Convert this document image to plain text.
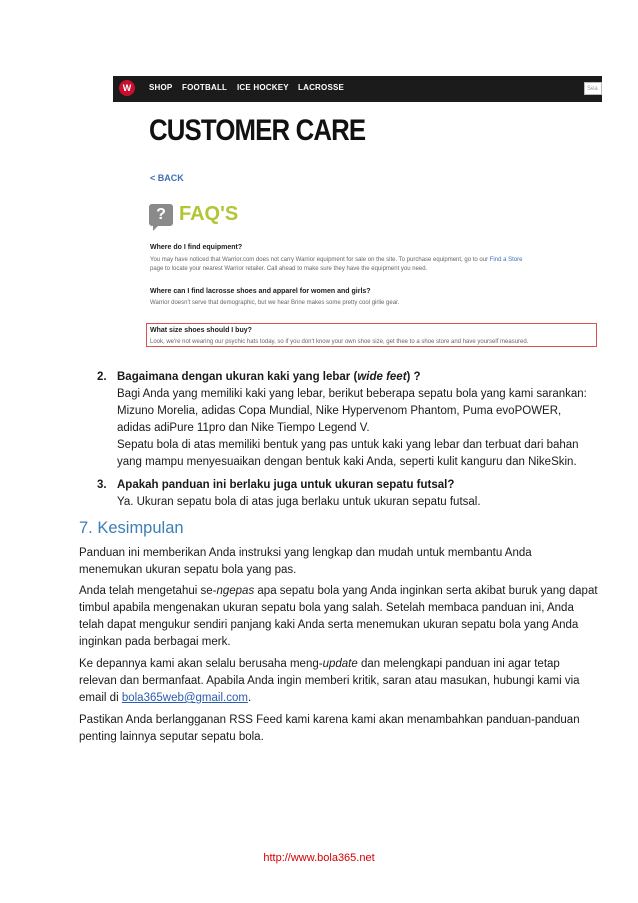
W	SHOP FOOTBALL ICE HOCKEY LACROSSE	Sea
CUSTOMER CARE
< BACK
? FAQ'S
Where do I find equipment?
You may have noticed that Warrior.com does not carry Warrior equipment for sale on the site. To purchase equipment, go to our Find a Store
page to locate your nearest Warrior retailer. Call ahead to make sure they have the equipment you need.
Where can I find lacrosse shoes and apparel for women and girls?
Warrior doesn't serve that demographic, but we hear Brine makes some pretty cool girlie gear.
What size shoes should I buy?
Look, we're not wearing our psychic hats today, so if you don't know your own shoe size, get thee to a shoe store and have yourself measured.
2. Bagaimana dengan ukuran kaki yang lebar (wide feet) ?
Bagi Anda yang memiliki kaki yang lebar, berikut beberapa sepatu bola yang kami sarankan:
Mizuno Morelia, adidas Copa Mundial, Nike Hypervenom Phantom, Puma evoPOWER,
adidas adiPure 11pro dan Nike Tiempo Legend V.
Sepatu bola di atas memiliki bentuk yang pas untuk kaki yang lebar dan terbuat dari bahan
yang mampu menyesuaikan dengan bentuk kaki Anda, seperti kulit kanguru dan NikeSkin.
3. Apakah panduan ini berlaku juga untuk ukuran sepatu futsal?
Ya. Ukuran sepatu bola di atas juga berlaku untuk ukuran sepatu futsal.
7. Kesimpulan
Panduan ini memberikan Anda instruksi yang lengkap dan mudah untuk membantu Anda
menemukan ukuran sepatu bola yang pas.
Anda telah mengetahui se-ngepas apa sepatu bola yang Anda inginkan serta akibat buruk yang dapat
timbul apabila mengenakan ukuran sepatu bola yang salah. Setelah membaca panduan ini, Anda
telah dapat mengukur sendiri panjang kaki Anda serta menemukan ukuran sepatu bola yang Anda
inginkan pada berbagai merk.
Ke depannya kami akan selalu berusaha meng-update dan melengkapi panduan ini agar tetap
relevan dan bermanfaat. Apabila Anda ingin memberi kritik, saran atau masukan, hubungi kami via
email di bola365web@gmail.com.
Pastikan Anda berlangganan RSS Feed kami karena kami akan menambahkan panduan-panduan
penting lainnya seputar sepatu bola.
http://www.bola365.net
